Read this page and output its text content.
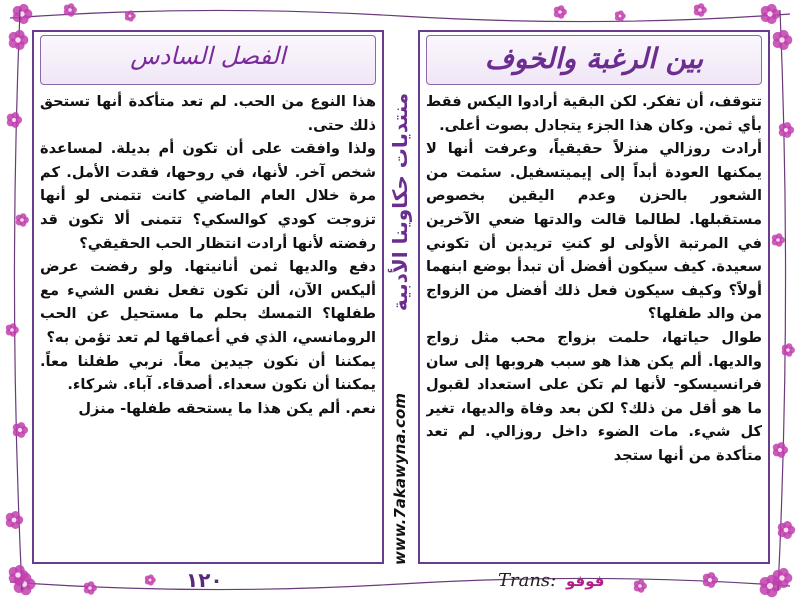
الفصل السادس

هذا النوع من الحب. لم تعد متأكدة أنها تستحق ذلك حتى.

ولذا وافقت على أن تكون أم بديلة. لمساعدة شخص آخر. لأنها، في روحها، فقدت الأمل. كم مرة خلال العام الماضي كانت تتمنى لو أنها تزوجت كودي كوالسكي؟ تتمنى ألا تكون قد رفضته لأنها أرادت انتظار الحب الحقيقي؟

دفع والديها ثمن أنانيتها. ولو رفضت عرض أليكس الآن، ألن تكون تفعل نفس الشيء مع طفلها؟ التمسك بحلم ما مستحيل عن الحب الرومانسي، الذي في أعماقها لم تعد تؤمن به؟

يمكننا أن نكون جيدين معاً. نربي طفلنا معاً. يمكننا أن نكون سعداء. أصدقاء. آباء. شركاء.

نعم. ألم يكن هذا ما يستحقه طفلها- منزل

منتديات حكاوينا الأدبية
www.7akawyna.com
بين الرغبة والخوف

تتوقف، أن تفكر. لكن البقية أرادوا اليكس فقط بأي ثمن. وكان هذا الجزء يتجادل بصوت أعلى.

أرادت روزالي منزلاً حقيقياً، وعرفت أنها لا يمكنها العودة أبداً إلى إيميتسفيل. سئمت من الشعور بالحزن وعدم اليقين بخصوص مستقبلها. لطالما قالت والدتها ضعي الآخرين في المرتبة الأولى لو كنتِ تريدين أن تكوني سعيدة. كيف سيكون أفضل أن تبدأ بوضع ابنهما أولاً؟ وكيف سيكون فعل ذلك أفضل من الزواج من والد طفلها؟

طوال حياتها، حلمت بزواج محب مثل زواج والديها. ألم يكن هذا هو سبب هروبها إلى سان فرانسيسكو- لأنها لم تكن على استعداد لقبول ما هو أقل من ذلك؟ لكن بعد وفاة والديها، تغير كل شيء. مات الضوء داخل روزالي. لم تعد متأكدة من أنها ستجد

١٢٠	Trans: فوفو
